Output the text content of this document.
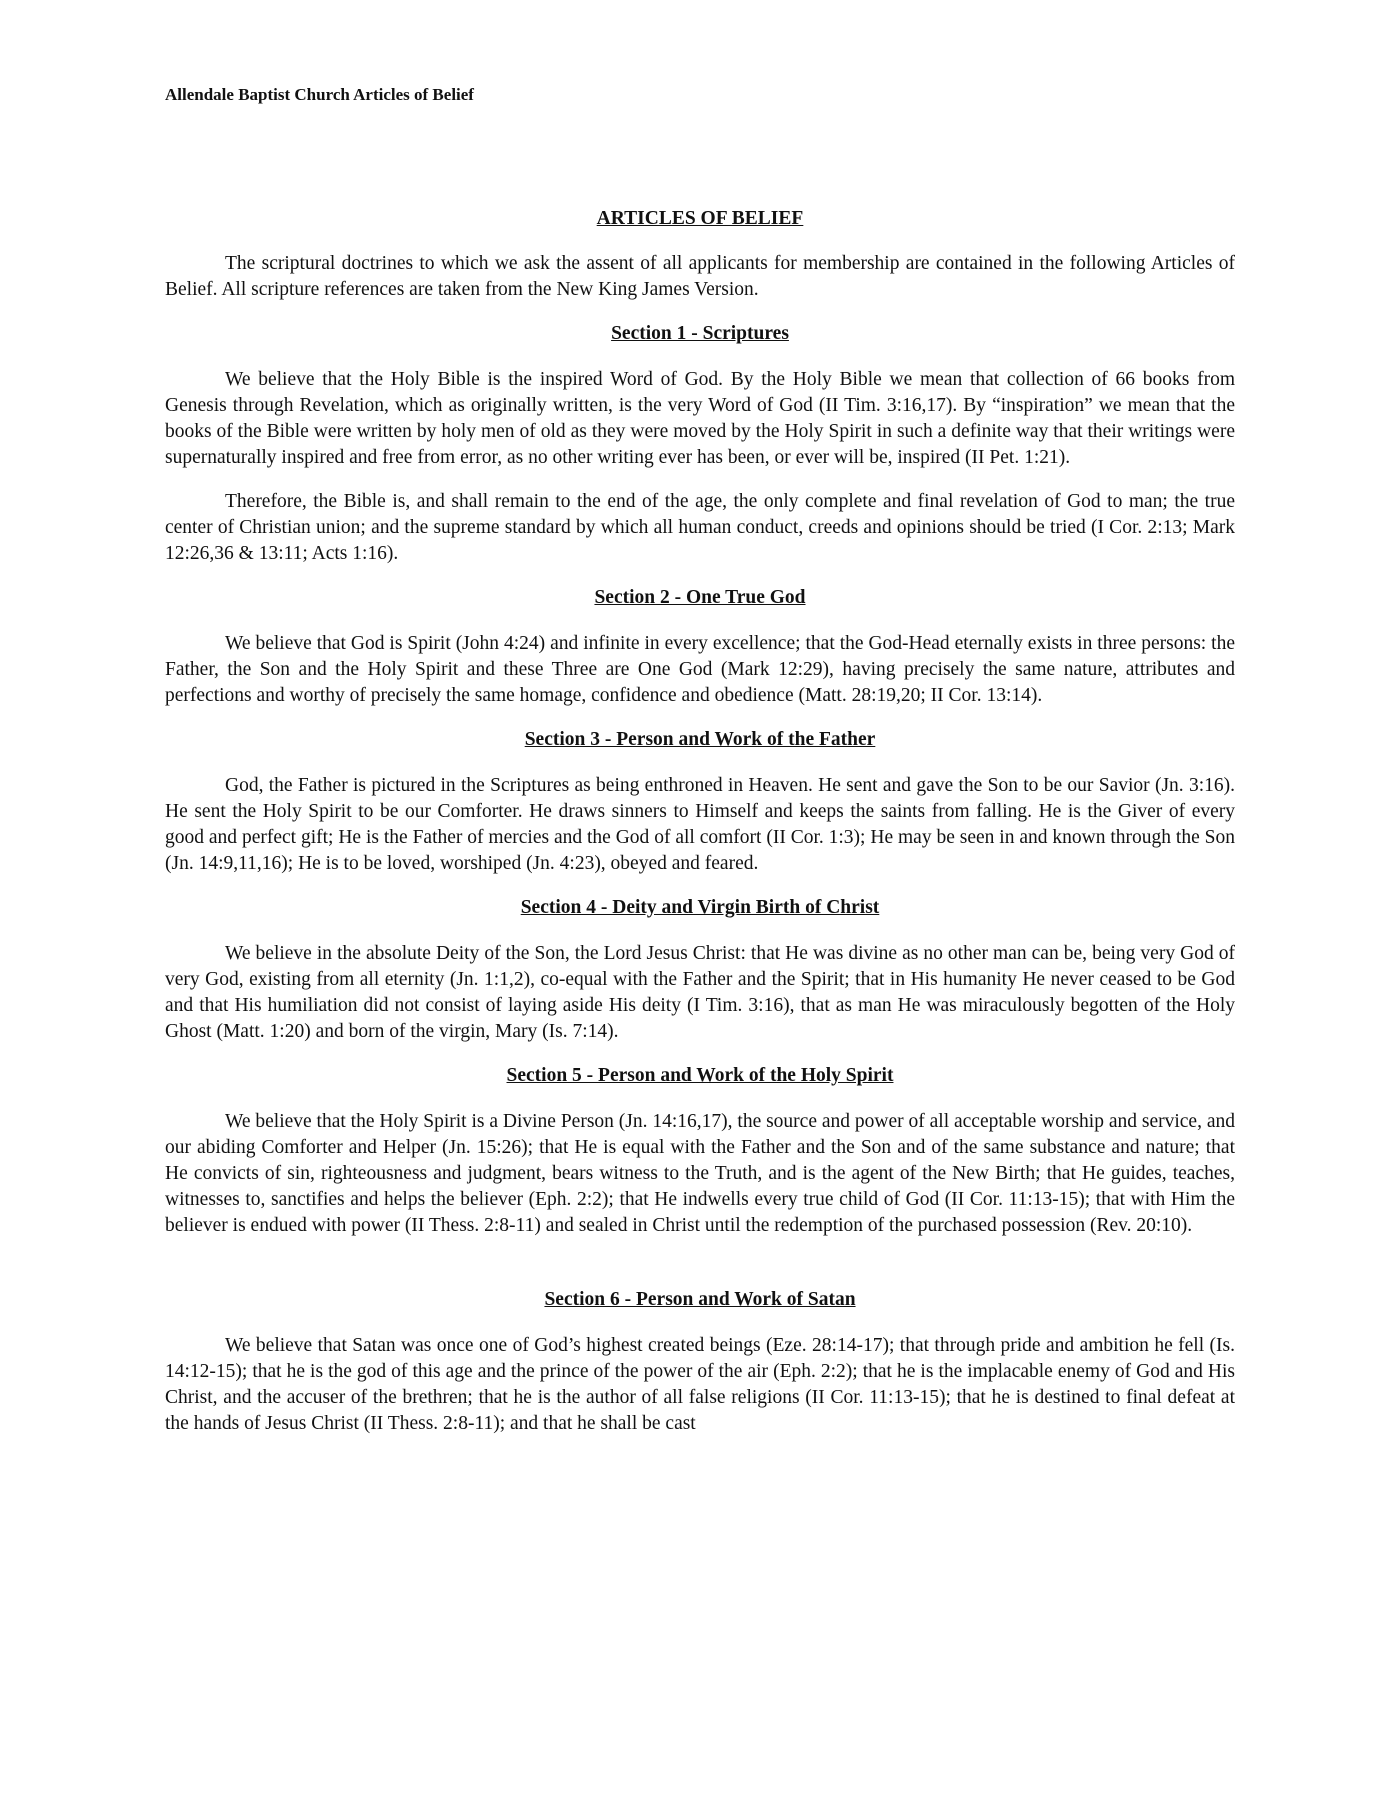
Allendale Baptist Church Articles of Belief

ARTICLES OF BELIEF

The scriptural doctrines to which we ask the assent of all applicants for membership are contained in the following Articles of Belief. All scripture references are taken from the New King James Version.

Section 1 - Scriptures

We believe that the Holy Bible is the inspired Word of God. By the Holy Bible we mean that collection of 66 books from Genesis through Revelation, which as originally written, is the very Word of God (II Tim. 3:16,17). By “inspiration” we mean that the books of the Bible were written by holy men of old as they were moved by the Holy Spirit in such a definite way that their writings were supernaturally inspired and free from error, as no other writing ever has been, or ever will be, inspired (II Pet. 1:21).

Therefore, the Bible is, and shall remain to the end of the age, the only complete and final revelation of God to man; the true center of Christian union; and the supreme standard by which all human conduct, creeds and opinions should be tried (I Cor. 2:13; Mark 12:26,36 & 13:11; Acts 1:16).

Section 2 - One True God

We believe that God is Spirit (John 4:24) and infinite in every excellence; that the God-Head eternally exists in three persons: the Father, the Son and the Holy Spirit and these Three are One God (Mark 12:29), having precisely the same nature, attributes and perfections and worthy of precisely the same homage, confidence and obedience (Matt. 28:19,20; II Cor. 13:14).

Section 3 - Person and Work of the Father

God, the Father is pictured in the Scriptures as being enthroned in Heaven. He sent and gave the Son to be our Savior (Jn. 3:16). He sent the Holy Spirit to be our Comforter. He draws sinners to Himself and keeps the saints from falling. He is the Giver of every good and perfect gift; He is the Father of mercies and the God of all comfort (II Cor. 1:3); He may be seen in and known through the Son (Jn. 14:9,11,16); He is to be loved, worshiped (Jn. 4:23), obeyed and feared.

Section 4 - Deity and Virgin Birth of Christ

We believe in the absolute Deity of the Son, the Lord Jesus Christ: that He was divine as no other man can be, being very God of very God, existing from all eternity (Jn. 1:1,2), co-equal with the Father and the Spirit; that in His humanity He never ceased to be God and that His humiliation did not consist of laying aside His deity (I Tim. 3:16), that as man He was miraculously begotten of the Holy Ghost (Matt. 1:20) and born of the virgin, Mary (Is. 7:14).

Section 5 - Person and Work of the Holy Spirit

We believe that the Holy Spirit is a Divine Person (Jn. 14:16,17), the source and power of all acceptable worship and service, and our abiding Comforter and Helper (Jn. 15:26); that He is equal with the Father and the Son and of the same substance and nature; that He convicts of sin, righteousness and judgment, bears witness to the Truth, and is the agent of the New Birth; that He guides, teaches, witnesses to, sanctifies and helps the believer (Eph. 2:2); that He indwells every true child of God (II Cor. 11:13-15); that with Him the believer is endued with power (II Thess. 2:8-11) and sealed in Christ until the redemption of the purchased possession (Rev. 20:10).

Section 6 - Person and Work of Satan

We believe that Satan was once one of God’s highest created beings (Eze. 28:14-17); that through pride and ambition he fell (Is. 14:12-15); that he is the god of this age and the prince of the power of the air (Eph. 2:2); that he is the implacable enemy of God and His Christ, and the accuser of the brethren; that he is the author of all false religions (II Cor. 11:13-15); that he is destined to final defeat at the hands of Jesus Christ (II Thess. 2:8-11); and that he shall be cast
